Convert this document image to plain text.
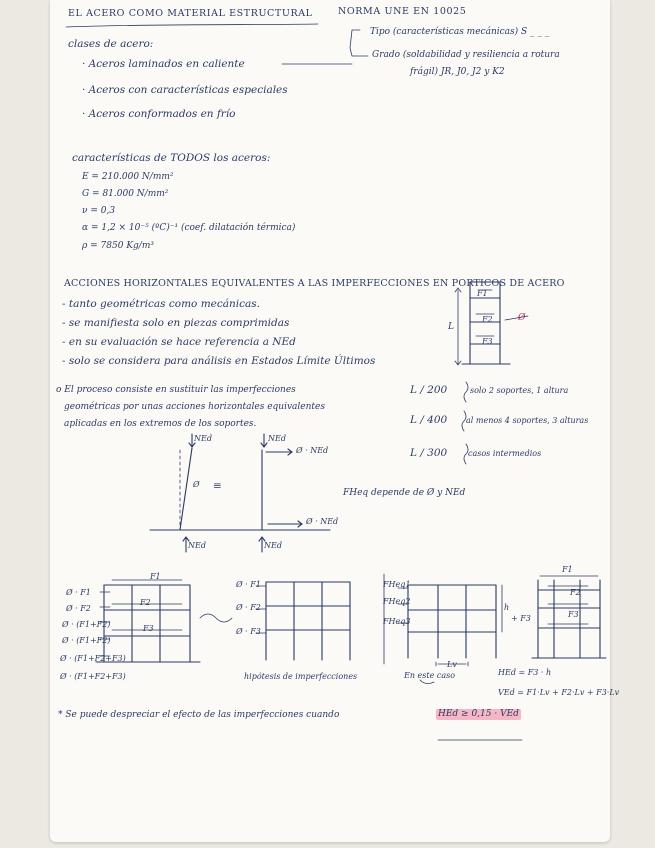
EL ACERO COMO MATERIAL ESTRUCTURAL	NORMA UNE EN 10025
Tipo (características mecánicas) S _ _ _
Grado (soldabilidad y resiliencia a rotura
frágil) JR, J0, J2 y K2
clases de acero:
· Aceros laminados en caliente
· Aceros con características especiales
· Aceros conformados en frío
características de TODOS los aceros:
E = 210.000 N/mm²
G = 81.000 N/mm²
ν = 0,3
α = 1,2 × 10⁻⁵ (ºC)⁻¹ (coef. dilatación térmica)
ρ = 7850 Kg/m³
ACCIONES HORIZONTALES EQUIVALENTES A LAS IMPERFECCIONES EN PORTICOS DE ACERO
- tanto geométricas como mecánicas.
- se manifiesta solo en piezas comprimidas
- en su evaluación se hace referencia a NEd
- solo se considera para análisis en Estados Límite Últimos
o El proceso consiste en sustituir las imperfecciones
geométricas por unas acciones horizontales equivalentes
aplicadas en los extremos de los soportes.
L / 200	solo 2 soportes, 1 altura
L / 400 al menos 4 soportes, 3 alturas
L / 300	casos intermedios
FHeq depende de Ø y NEd
L
F1
F2
F3
Ø
NEd	NEd
Ø · NEd
Ø · NEd
NEd	NEd
Ø ≡
Ø · F1
Ø · F2
Ø · (F1+F2)
Ø · (F1+F2)
Ø · (F1+F2+F3)
Ø · (F1+F2+F3)
F1
F2
F3
Ø · F1
Ø · F2
Ø · F3
hipótesis de imperfecciones
FHeq1
FHeq2
FHeq3
En este caso
h
Lv
+ F3
F1
F2
F3
HEd = F3 · h
VEd = F1·Lv + F2·Lv + F3·Lv
* Se puede despreciar el efecto de las imperfecciones cuando	HEd ≥ 0,15 · VEd
